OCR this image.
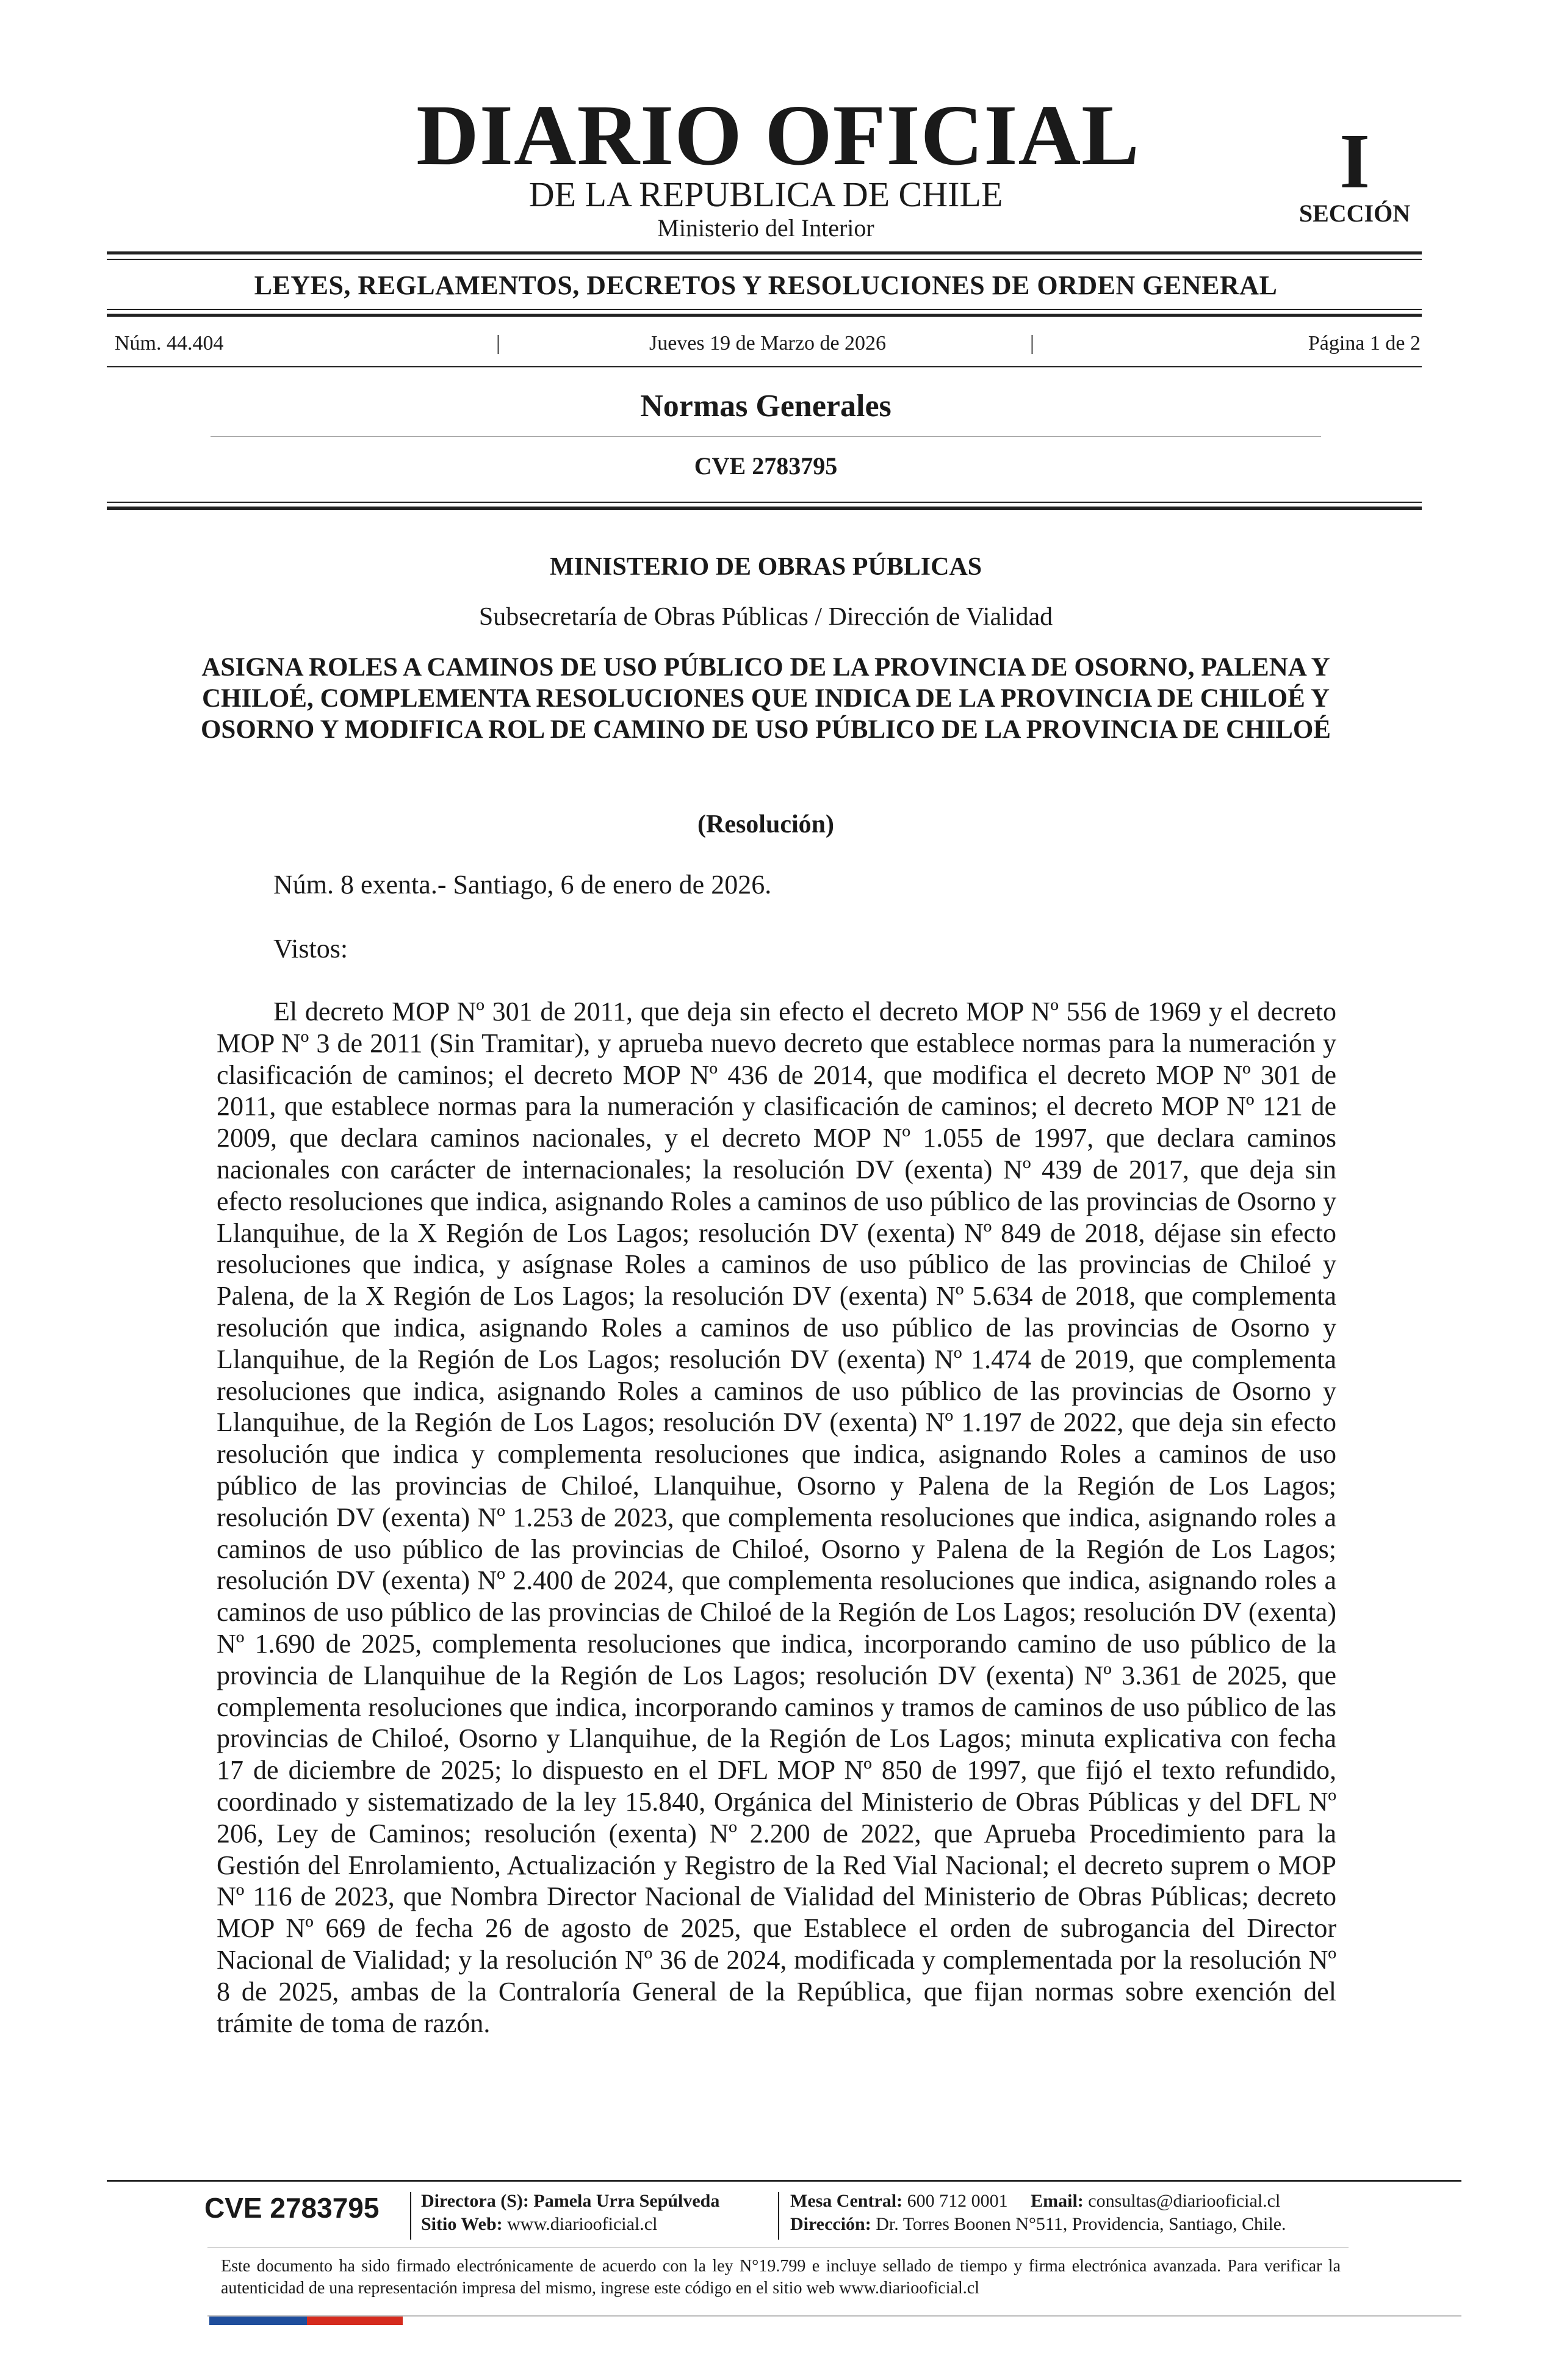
DIARIO OFICIAL
DE LA REPUBLICA DE CHILE
Ministerio del Interior
I
SECCIÓN
LEYES, REGLAMENTOS, DECRETOS Y RESOLUCIONES DE ORDEN GENERAL
Núm. 44.404	|	Jueves 19 de Marzo de 2026	|	Página 1 de 2
Normas Generales
CVE 2783795
MINISTERIO DE OBRAS PÚBLICAS
Subsecretaría de Obras Públicas / Dirección de Vialidad
ASIGNA ROLES A CAMINOS DE USO PÚBLICO DE LA PROVINCIA DE OSORNO, PALENA Y CHILOÉ, COMPLEMENTA RESOLUCIONES QUE INDICA DE LA PROVINCIA DE CHILOÉ Y OSORNO Y MODIFICA ROL DE CAMINO DE USO PÚBLICO DE LA PROVINCIA DE CHILOÉ
(Resolución)
Núm. 8 exenta.- Santiago, 6 de enero de 2026.
Vistos:
El decreto MOP Nº 301 de 2011, que deja sin efecto el decreto MOP Nº 556 de 1969 y el decreto MOP Nº 3 de 2011 (Sin Tramitar), y aprueba nuevo decreto que establece normas para la numeración y clasificación de caminos; el decreto MOP Nº 436 de 2014, que modifica el decreto MOP Nº 301 de 2011, que establece normas para la numeración y clasificación de caminos; el decreto MOP Nº 121 de 2009, que declara caminos nacionales, y el decreto MOP Nº 1.055 de 1997, que declara caminos nacionales con carácter de internacionales; la resolución DV (exenta) Nº 439 de 2017, que deja sin efecto resoluciones que indica, asignando Roles a caminos de uso público de las provincias de Osorno y Llanquihue, de la X Región de Los Lagos; resolución DV (exenta) Nº 849 de 2018, déjase sin efecto resoluciones que indica, y asígnase Roles a caminos de uso público de las provincias de Chiloé y Palena, de la X Región de Los Lagos; la resolución DV (exenta) Nº 5.634 de 2018, que complementa resolución que indica, asignando Roles a caminos de uso público de las provincias de Osorno y Llanquihue, de la Región de Los Lagos; resolución DV (exenta) Nº 1.474 de 2019, que complementa resoluciones que indica, asignando Roles a caminos de uso público de las provincias de Osorno y Llanquihue, de la Región de Los Lagos; resolución DV (exenta) Nº 1.197 de 2022, que deja sin efecto resolución que indica y complementa resoluciones que indica, asignando Roles a caminos de uso público de las provincias de Chiloé, Llanquihue, Osorno y Palena de la Región de Los Lagos; resolución DV (exenta) Nº 1.253 de 2023, que complementa resoluciones que indica, asignando roles a caminos de uso público de las provincias de Chiloé, Osorno y Palena de la Región de Los Lagos; resolución DV (exenta) Nº 2.400 de 2024, que complementa resoluciones que indica, asignando roles a caminos de uso público de las provincias de Chiloé de la Región de Los Lagos; resolución DV (exenta) Nº 1.690 de 2025, complementa resoluciones que indica, incorporando camino de uso público de la provincia de Llanquihue de la Región de Los Lagos; resolución DV (exenta) Nº 3.361 de 2025, que complementa resoluciones que indica, incorporando caminos y tramos de caminos de uso público de las provincias de Chiloé, Osorno y Llanquihue, de la Región de Los Lagos; minuta explicativa con fecha 17 de diciembre de 2025; lo dispuesto en el DFL MOP Nº 850 de 1997, que fijó el texto refundido, coordinado y sistematizado de la ley 15.840, Orgánica del Ministerio de Obras Públicas y del DFL Nº 206, Ley de Caminos; resolución (exenta) Nº 2.200 de 2022, que Aprueba Procedimiento para la Gestión del Enrolamiento, Actualización y Registro de la Red Vial Nacional; el decreto suprem o MOP Nº 116 de 2023, que Nombra Director Nacional de Vialidad del Ministerio de Obras Públicas; decreto MOP Nº 669 de fecha 26 de agosto de 2025, que Establece el orden de subrogancia del Director Nacional de Vialidad; y la resolución Nº 36 de 2024, modificada y complementada por la resolución Nº 8 de 2025, ambas de la Contraloría General de la República, que fijan normas sobre exención del trámite de toma de razón.
CVE 2783795 Directora (S): Pamela Urra Sepúlveda
Sitio Web: www.diariooficial.cl
Mesa Central: 600 712 0001 Email: consultas@diariooficial.cl
Dirección: Dr. Torres Boonen N°511, Providencia, Santiago, Chile.
Este documento ha sido firmado electrónicamente de acuerdo con la ley N°19.799 e incluye sellado de tiempo y firma electrónica avanzada. Para verificar la autenticidad de una representación impresa del mismo, ingrese este código en el sitio web www.diariooficial.cl
